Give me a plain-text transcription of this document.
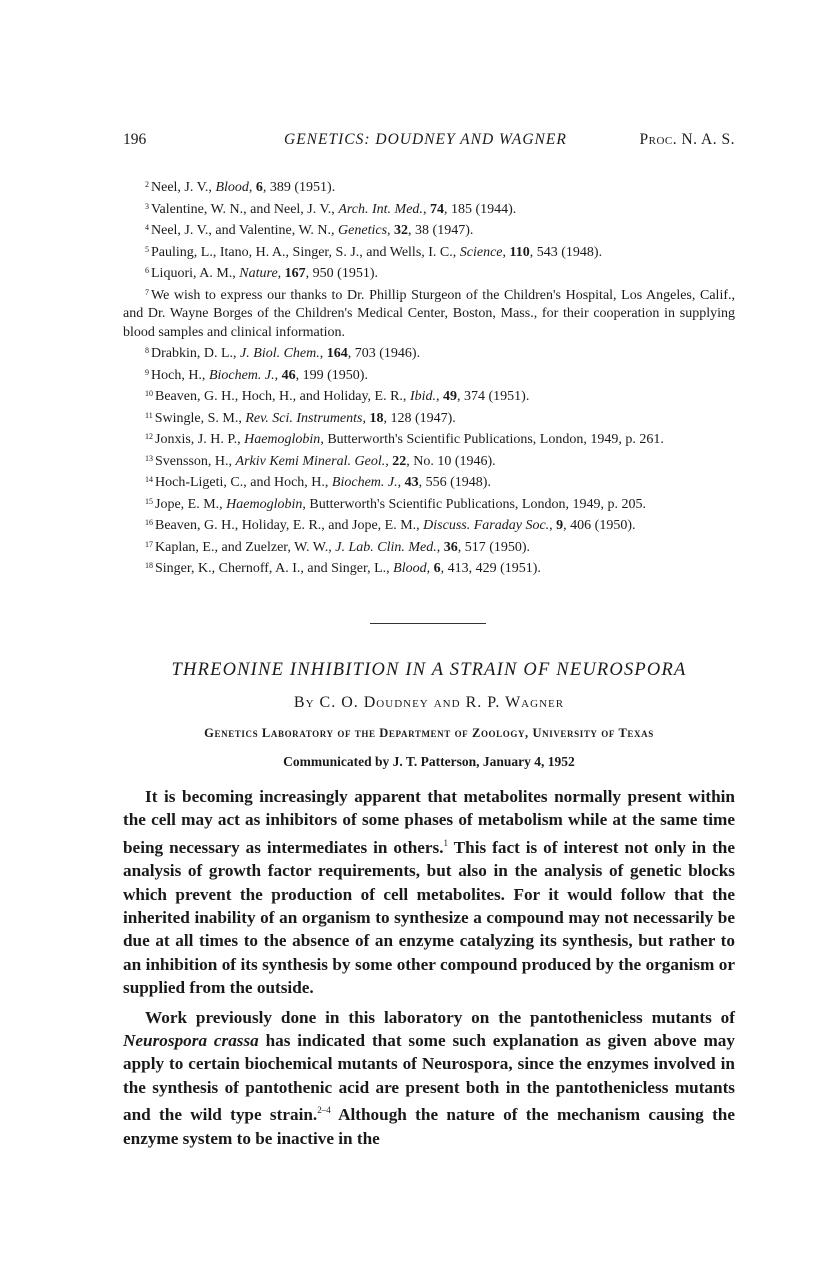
196	GENETICS: DOUDNEY AND WAGNER	Proc. N. A. S.
$^2$ Neel, J. V., Blood, 6, 389 (1951).
$^3$ Valentine, W. N., and Neel, J. V., Arch. Int. Med., 74, 185 (1944).
$^4$ Neel, J. V., and Valentine, W. N., Genetics, 32, 38 (1947).
$^5$ Pauling, L., Itano, H. A., Singer, S. J., and Wells, I. C., Science, 110, 543 (1948).
$^6$ Liquori, A. M., Nature, 167, 950 (1951).
$^7$ We wish to express our thanks to Dr. Phillip Sturgeon of the Children's Hospital, Los Angeles, Calif., and Dr. Wayne Borges of the Children's Medical Center, Boston, Mass., for their cooperation in supplying blood samples and clinical information.
$^8$ Drabkin, D. L., J. Biol. Chem., 164, 703 (1946).
$^9$ Hoch, H., Biochem. J., 46, 199 (1950).
$^{10}$ Beaven, G. H., Hoch, H., and Holiday, E. R., Ibid., 49, 374 (1951).
$^{11}$ Swingle, S. M., Rev. Sci. Instruments, 18, 128 (1947).
$^{12}$ Jonxis, J. H. P., Haemoglobin, Butterworth's Scientific Publications, London, 1949, p. 261.
$^{13}$ Svensson, H., Arkiv Kemi Mineral. Geol., 22, No. 10 (1946).
$^{14}$ Hoch-Ligeti, C., and Hoch, H., Biochem. J., 43, 556 (1948).
$^{15}$ Jope, E. M., Haemoglobin, Butterworth's Scientific Publications, London, 1949, p. 205.
$^{16}$ Beaven, G. H., Holiday, E. R., and Jope, E. M., Discuss. Faraday Soc., 9, 406 (1950).
$^{17}$ Kaplan, E., and Zuelzer, W. W., J. Lab. Clin. Med., 36, 517 (1950).
$^{18}$ Singer, K., Chernoff, A. I., and Singer, L., Blood, 6, 413, 429 (1951).
THREONINE INHIBITION IN A STRAIN OF NEUROSPORA
By C. O. Doudney and R. P. Wagner
Genetics Laboratory of the Department of Zoology, University of Texas
Communicated by J. T. Patterson, January 4, 1952

It is becoming increasingly apparent that metabolites normally present within the cell may act as inhibitors of some phases of metabolism while at the same time being necessary as intermediates in others.$^1$ This fact is of interest not only in the analysis of growth factor requirements, but also in the analysis of genetic blocks which prevent the production of cell metabolites. For it would follow that the inherited inability of an organism to synthesize a compound may not necessarily be due at all times to the absence of an enzyme catalyzing its synthesis, but rather to an inhibition of its synthesis by some other compound produced by the organism or supplied from the outside.

Work previously done in this laboratory on the pantothenicless mutants of Neurospora crassa has indicated that some such explanation as given above may apply to certain biochemical mutants of Neurospora, since the enzymes involved in the synthesis of pantothenic acid are present both in the pantothenicless mutants and the wild type strain.$^{2-4}$ Although the nature of the mechanism causing the enzyme system to be inactive in the
